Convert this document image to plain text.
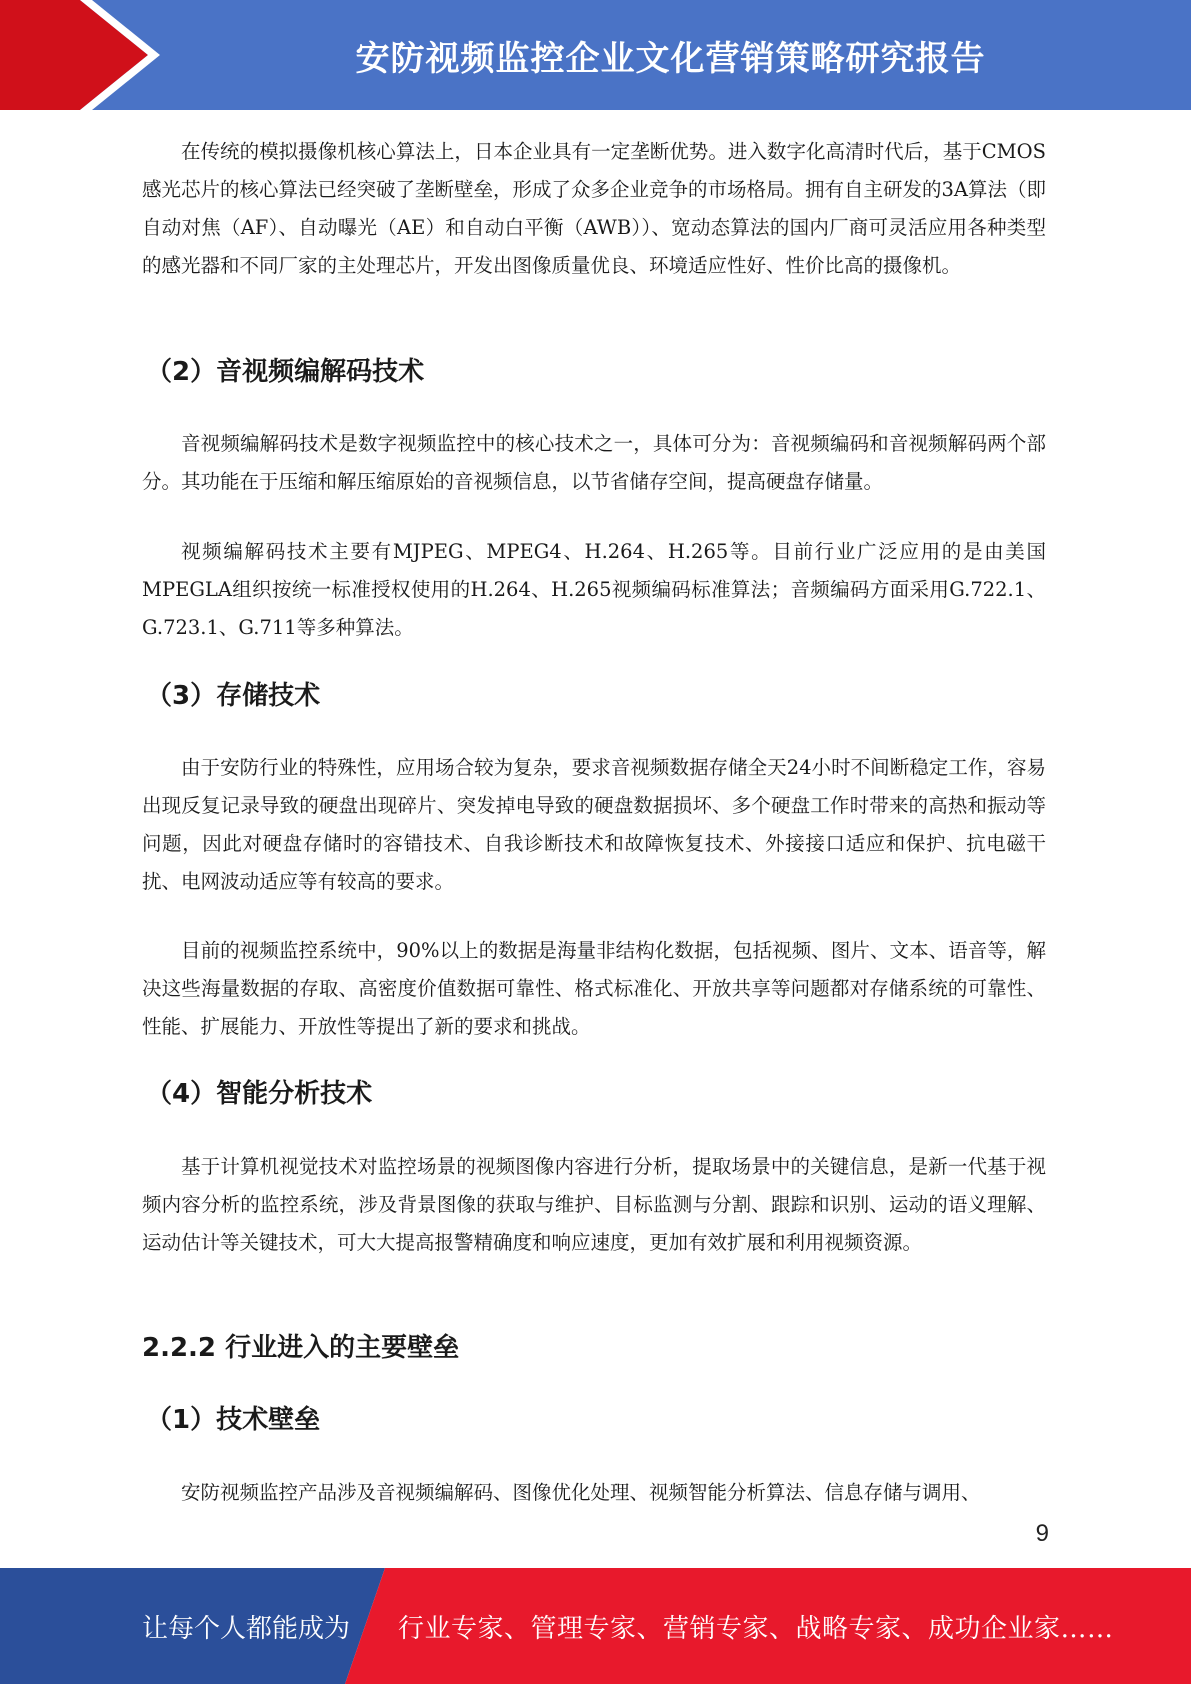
安防视频监控企业文化营销策略研究报告

在传统的模拟摄像机核心算法上，日本企业具有一定垄断优势。进入数字化高清时代后，基于CMOS感光芯片的核心算法已经突破了垄断壁垒，形成了众多企业竞争的市场格局。拥有自主研发的3A算法（即自动对焦（AF）、自动曝光（AE）和自动白平衡（AWB））、宽动态算法的国内厂商可灵活应用各种类型的感光器和不同厂家的主处理芯片，开发出图像质量优良、环境适应性好、性价比高的摄像机。

（2）音视频编解码技术

音视频编解码技术是数字视频监控中的核心技术之一，具体可分为：音视频编码和音视频解码两个部分。其功能在于压缩和解压缩原始的音视频信息，以节省储存空间，提高硬盘存储量。

视频编解码技术主要有MJPEG、MPEG4、H.264、H.265等。目前行业广泛应用的是由美国MPEGLA组织按统一标准授权使用的H.264、H.265视频编码标准算法；音频编码方面采用G.722.1、G.723.1、G.711等多种算法。

（3）存储技术

由于安防行业的特殊性，应用场合较为复杂，要求音视频数据存储全天24小时不间断稳定工作，容易出现反复记录导致的硬盘出现碎片、突发掉电导致的硬盘数据损坏、多个硬盘工作时带来的高热和振动等问题，因此对硬盘存储时的容错技术、自我诊断技术和故障恢复技术、外接接口适应和保护、抗电磁干扰、电网波动适应等有较高的要求。

目前的视频监控系统中，90%以上的数据是海量非结构化数据，包括视频、图片、文本、语音等，解决这些海量数据的存取、高密度价值数据可靠性、格式标准化、开放共享等问题都对存储系统的可靠性、性能、扩展能力、开放性等提出了新的要求和挑战。

（4）智能分析技术

基于计算机视觉技术对监控场景的视频图像内容进行分析，提取场景中的关键信息，是新一代基于视频内容分析的监控系统，涉及背景图像的获取与维护、目标监测与分割、跟踪和识别、运动的语义理解、运动估计等关键技术，可大大提高报警精确度和响应速度，更加有效扩展和利用视频资源。

2.2.2 行业进入的主要壁垒
（1）技术壁垒

安防视频监控产品涉及音视频编解码、图像优化处理、视频智能分析算法、信息存储与调用、

9
让每个人都能成为 行业专家、管理专家、营销专家、战略专家、成功企业家……
